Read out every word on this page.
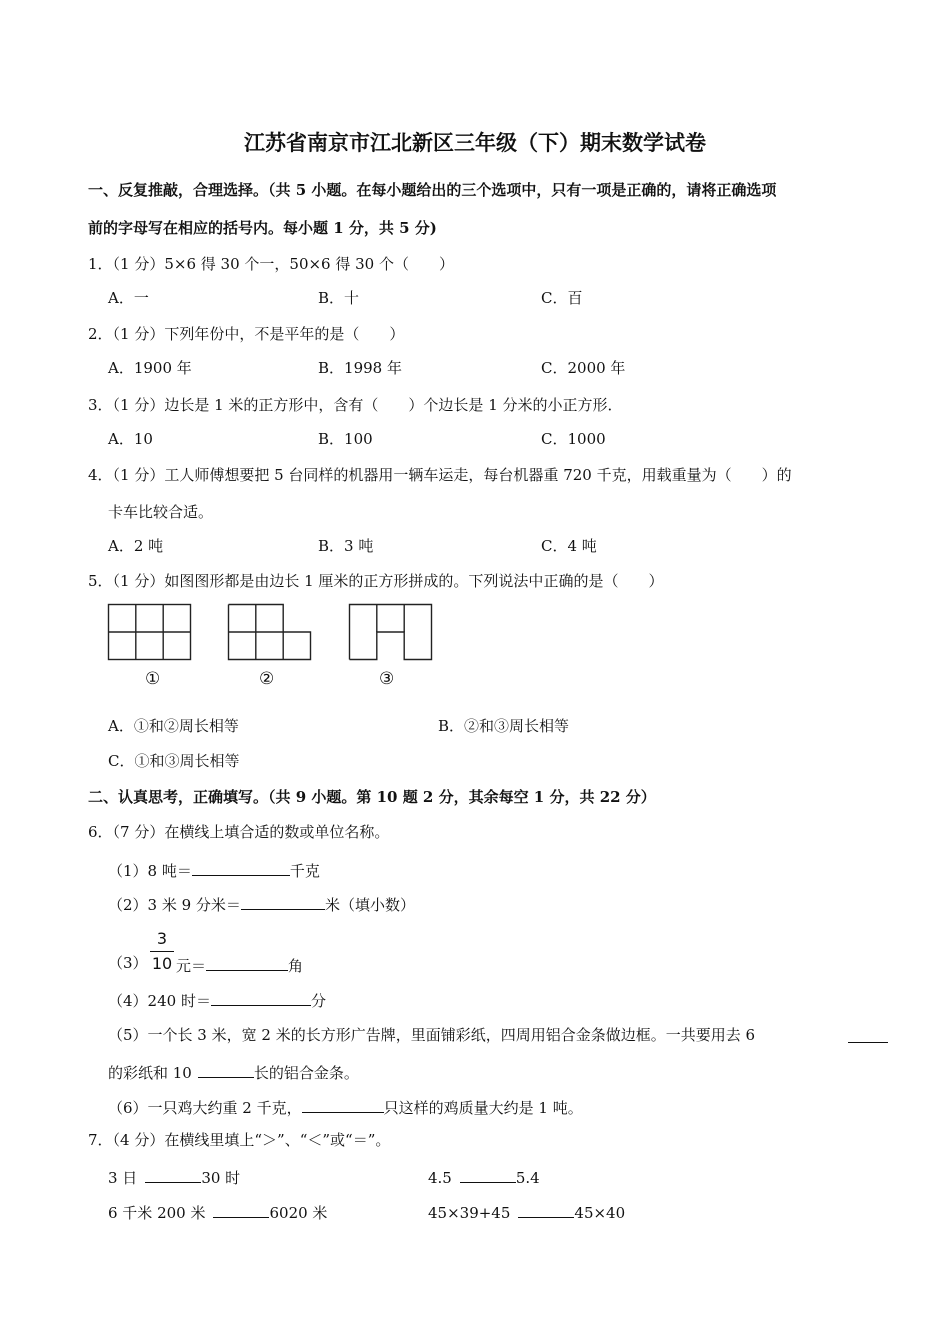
江苏省南京市江北新区三年级（下）期末数学试卷
一、反复推敲，合理选择。（共 5 小题。在每小题给出的三个选项中，只有一项是正确的，请将正确选项
前的字母写在相应的括号内。每小题 1 分，共 5 分)
1．（1 分）5×6 得 30 个一，50×6 得 30 个（　　）
A．一	B．十	C．百
2．（1 分）下列年份中，不是平年的是（　　）
A．1900 年	B．1998 年	C．2000 年
3．（1 分）边长是 1 米的正方形中，含有（　　）个边长是 1 分米的小正方形．
A．10	B．100	C．1000
4．（1 分）工人师傅想要把 5 台同样的机器用一辆车运走，每台机器重 720 千克，用载重量为（　　）的
卡车比较合适。
A．2 吨	B．3 吨	C．4 吨
5．（1 分）如图图形都是由边长 1 厘米的正方形拼成的。下列说法中正确的是（　　）
①	②	③
A．①和②周长相等	B．②和③周长相等
C．①和③周长相等
二、认真思考，正确填写。（共 9 小题。第 10 题 2 分，其余每空 1 分，共 22 分）
6．（7 分）在横线上填合适的数或单位名称。
（1）8 吨＝	千克
（2）3 米 9 分米＝	米（填小数）
3
10
（3） 元＝	角
（4）240 时＝	分
（5）一个长 3 米，宽 2 米的长方形广告牌，里面铺彩纸，四周用铝合金条做边框。一共要用去 6
的彩纸和 10	长的铝合金条。
（6）一只鸡大约重 2 千克，	只这样的鸡质量大约是 1 吨。
7．（4 分）在横线里填上“＞”、“＜”或“＝”。
3 日	30 时	4.5	5.4
6 千米 200 米	6020 米	45×39+45	45×40
